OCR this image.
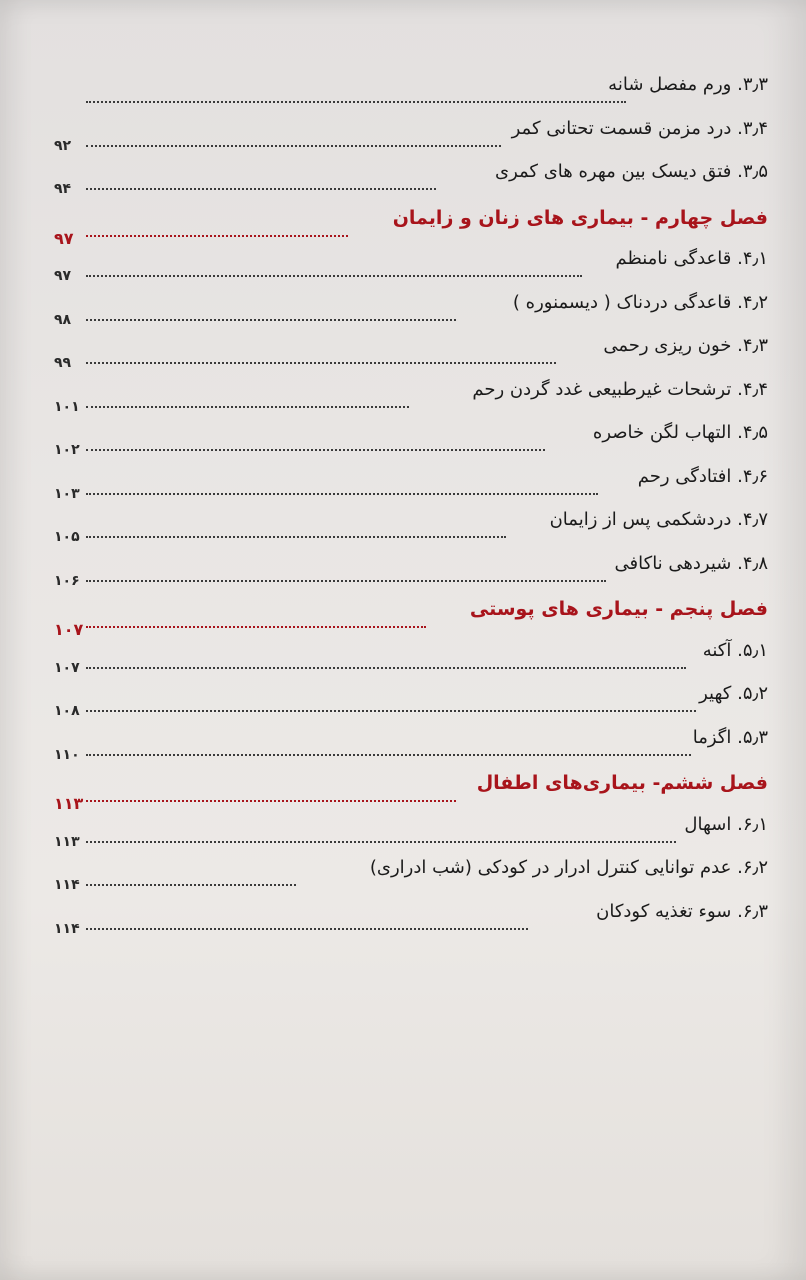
۳٫۳. ورم مفصل شانه
۳٫۴. درد مزمن قسمت تحتانی کمر
۹۲
۳٫۵. فتق دیسک بین مهره های کمری
۹۴
فصل چهارم - بیماری های زنان و زایمان
۹۷
۴٫۱. قاعدگی نامنظم
۹۷
۴٫۲. قاعدگی دردناک ( دیسمنوره )
۹۸
۴٫۳. خون ریزی رحمی
۹۹
۴٫۴. ترشحات غیرطبیعی غدد گردن رحم
۱۰۱
۴٫۵. التهاب لگن خاصره
۱۰۲
۴٫۶. افتادگی رحم
۱۰۳
۴٫۷. دردشکمی پس از زایمان
۱۰۵
۴٫۸. شیردهی ناکافی
۱۰۶
فصل پنجم - بیماری های پوستی
۱۰۷
۵٫۱. آکنه
۱۰۷
۵٫۲. کهیر
۱۰۸
۵٫۳. اگزما
۱۱۰
فصل ششم- بیماری‌های اطفال
۱۱۳
۶٫۱. اسهال
۱۱۳
۶٫۲. عدم توانایی کنترل ادرار در کودکی (شب ادراری)
۱۱۴
۶٫۳. سوء تغذیه کودکان
۱۱۴
